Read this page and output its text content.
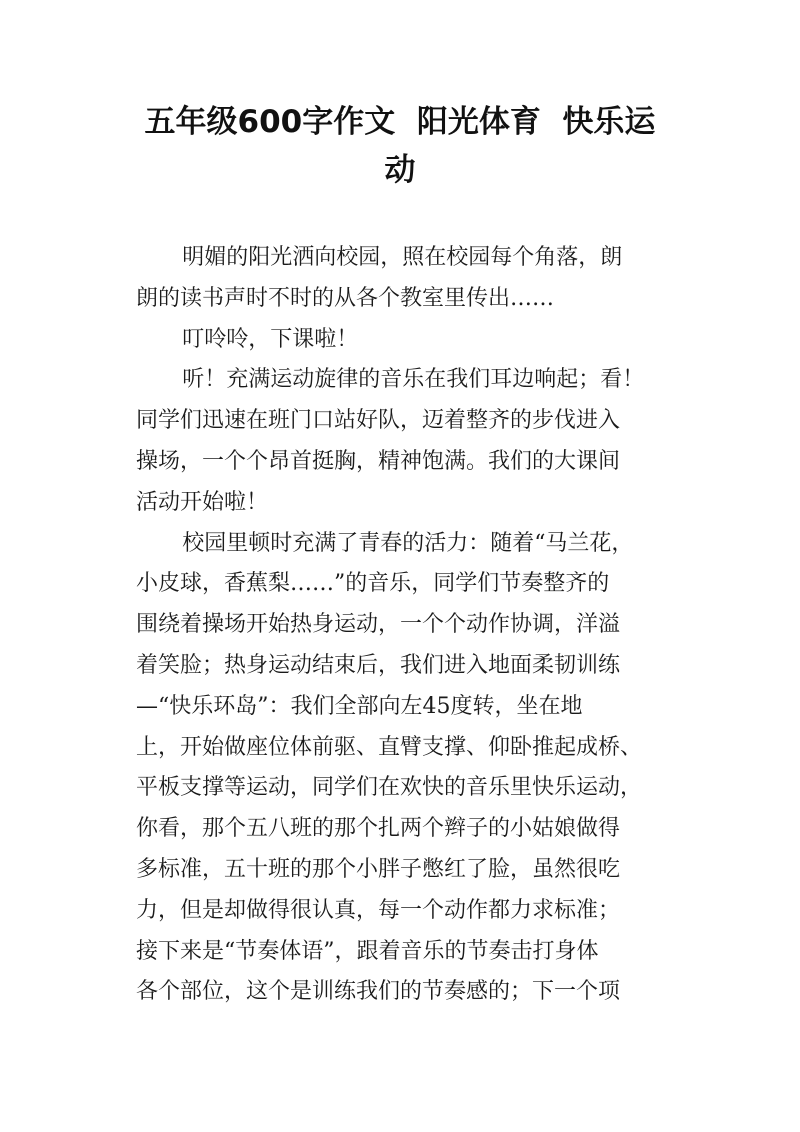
五年级600字作文  阳光体育  快乐运
动

明媚的阳光洒向校园，照在校园每个角落，朗
朗的读书声时不时的从各个教室里传出……

叮呤呤，下课啦！

听！充满运动旋律的音乐在我们耳边响起；看！
同学们迅速在班门口站好队，迈着整齐的步伐进入
操场，一个个昂首挺胸，精神饱满。我们的大课间
活动开始啦！

校园里顿时充满了青春的活力：随着“马兰花，
小皮球，香蕉梨……”的音乐，同学们节奏整齐的
围绕着操场开始热身运动，一个个动作协调，洋溢
着笑脸；热身运动结束后，我们进入地面柔韧训练
—“快乐环岛”：我们全部向左45度转，坐在地
上，开始做座位体前驱、直臂支撑、仰卧推起成桥、
平板支撑等运动，同学们在欢快的音乐里快乐运动，
你看，那个五八班的那个扎两个辫子的小姑娘做得
多标准，五十班的那个小胖子憋红了脸，虽然很吃
力，但是却做得很认真，每一个动作都力求标准；
接下来是“节奏体语”，跟着音乐的节奏击打身体
各个部位，这个是训练我们的节奏感的；下一个项
